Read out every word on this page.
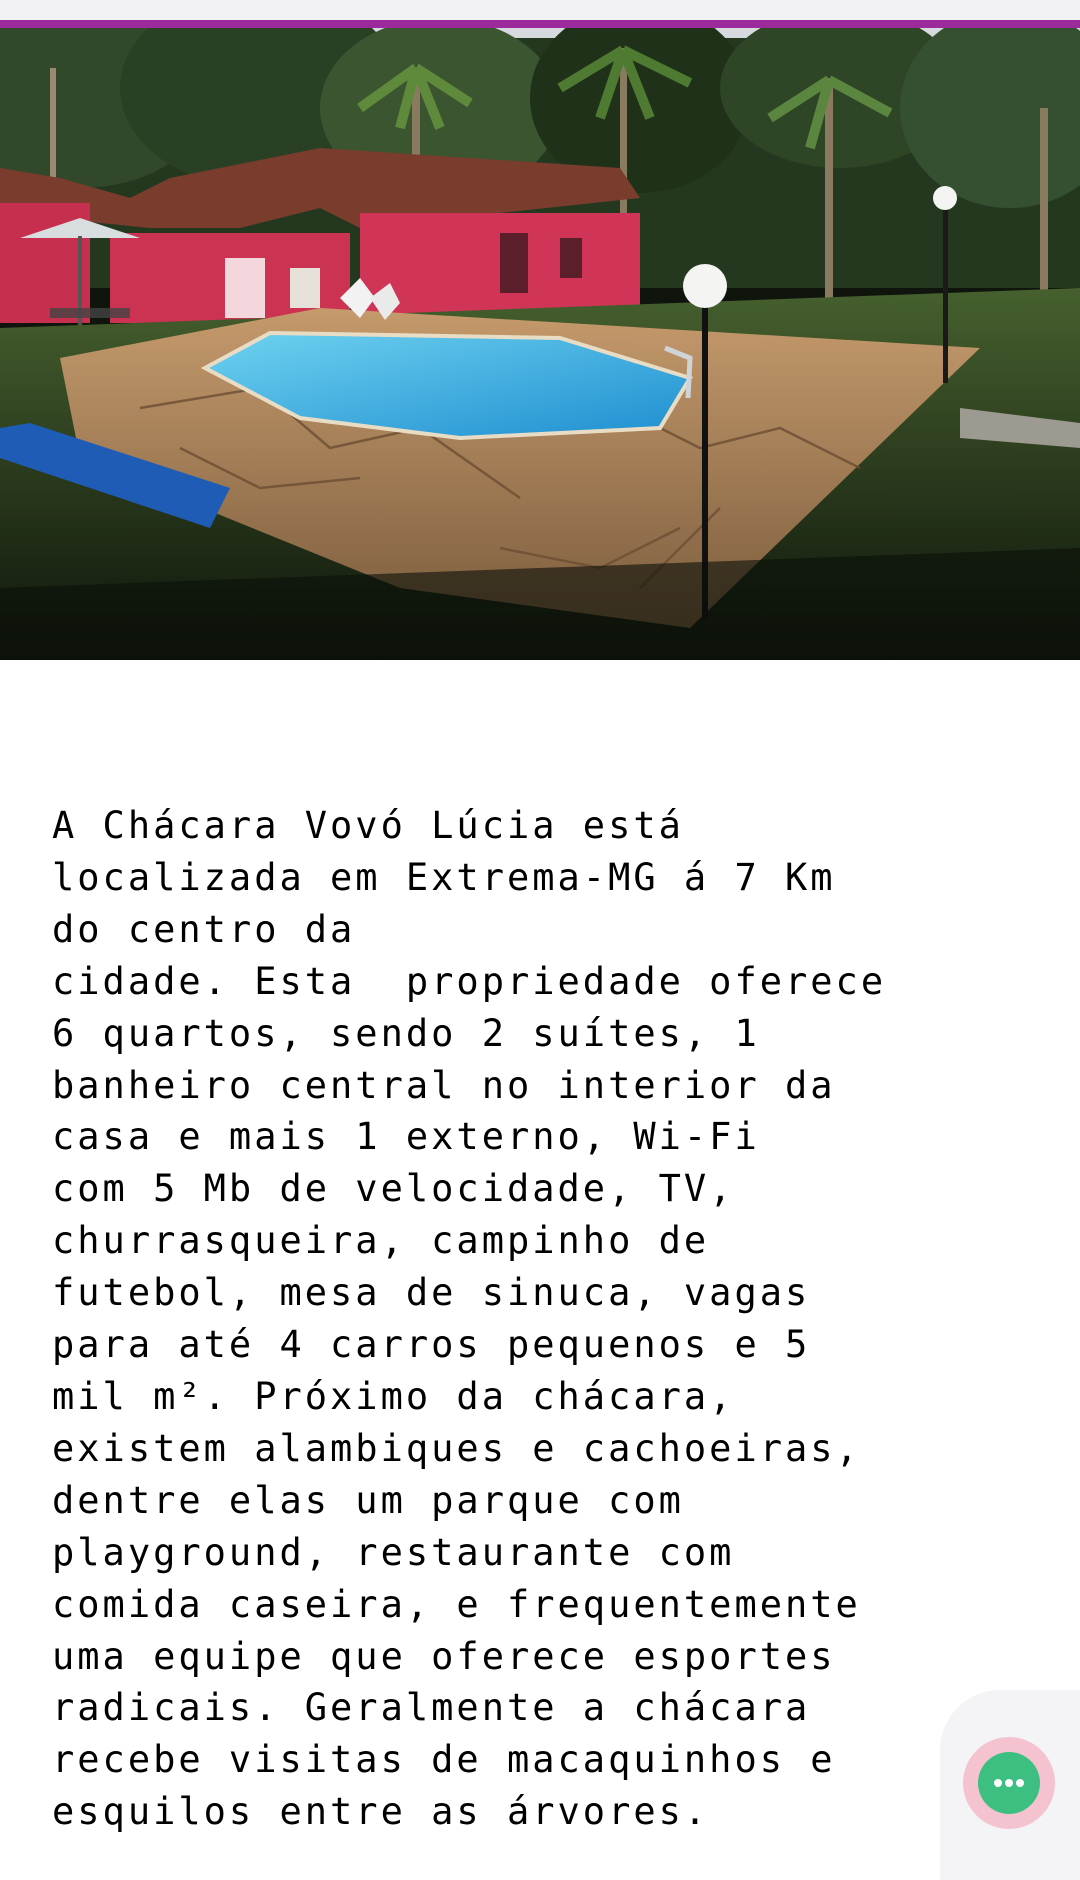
A Chácara Vovó Lúcia está
localizada em Extrema-MG á 7 Km
do centro da
cidade. Esta  propriedade oferece
6 quartos, sendo 2 suítes, 1
banheiro central no interior da
casa e mais 1 externo, Wi-Fi
com 5 Mb de velocidade, TV,
churrasqueira, campinho de
futebol, mesa de sinuca, vagas
para até 4 carros pequenos e 5
mil m². Próximo da chácara,
existem alambiques e cachoeiras,
dentre elas um parque com
playground, restaurante com
comida caseira, e frequentemente
uma equipe que oferece esportes
radicais. Geralmente a chácara
recebe visitas de macaquinhos e
esquilos entre as árvores.
